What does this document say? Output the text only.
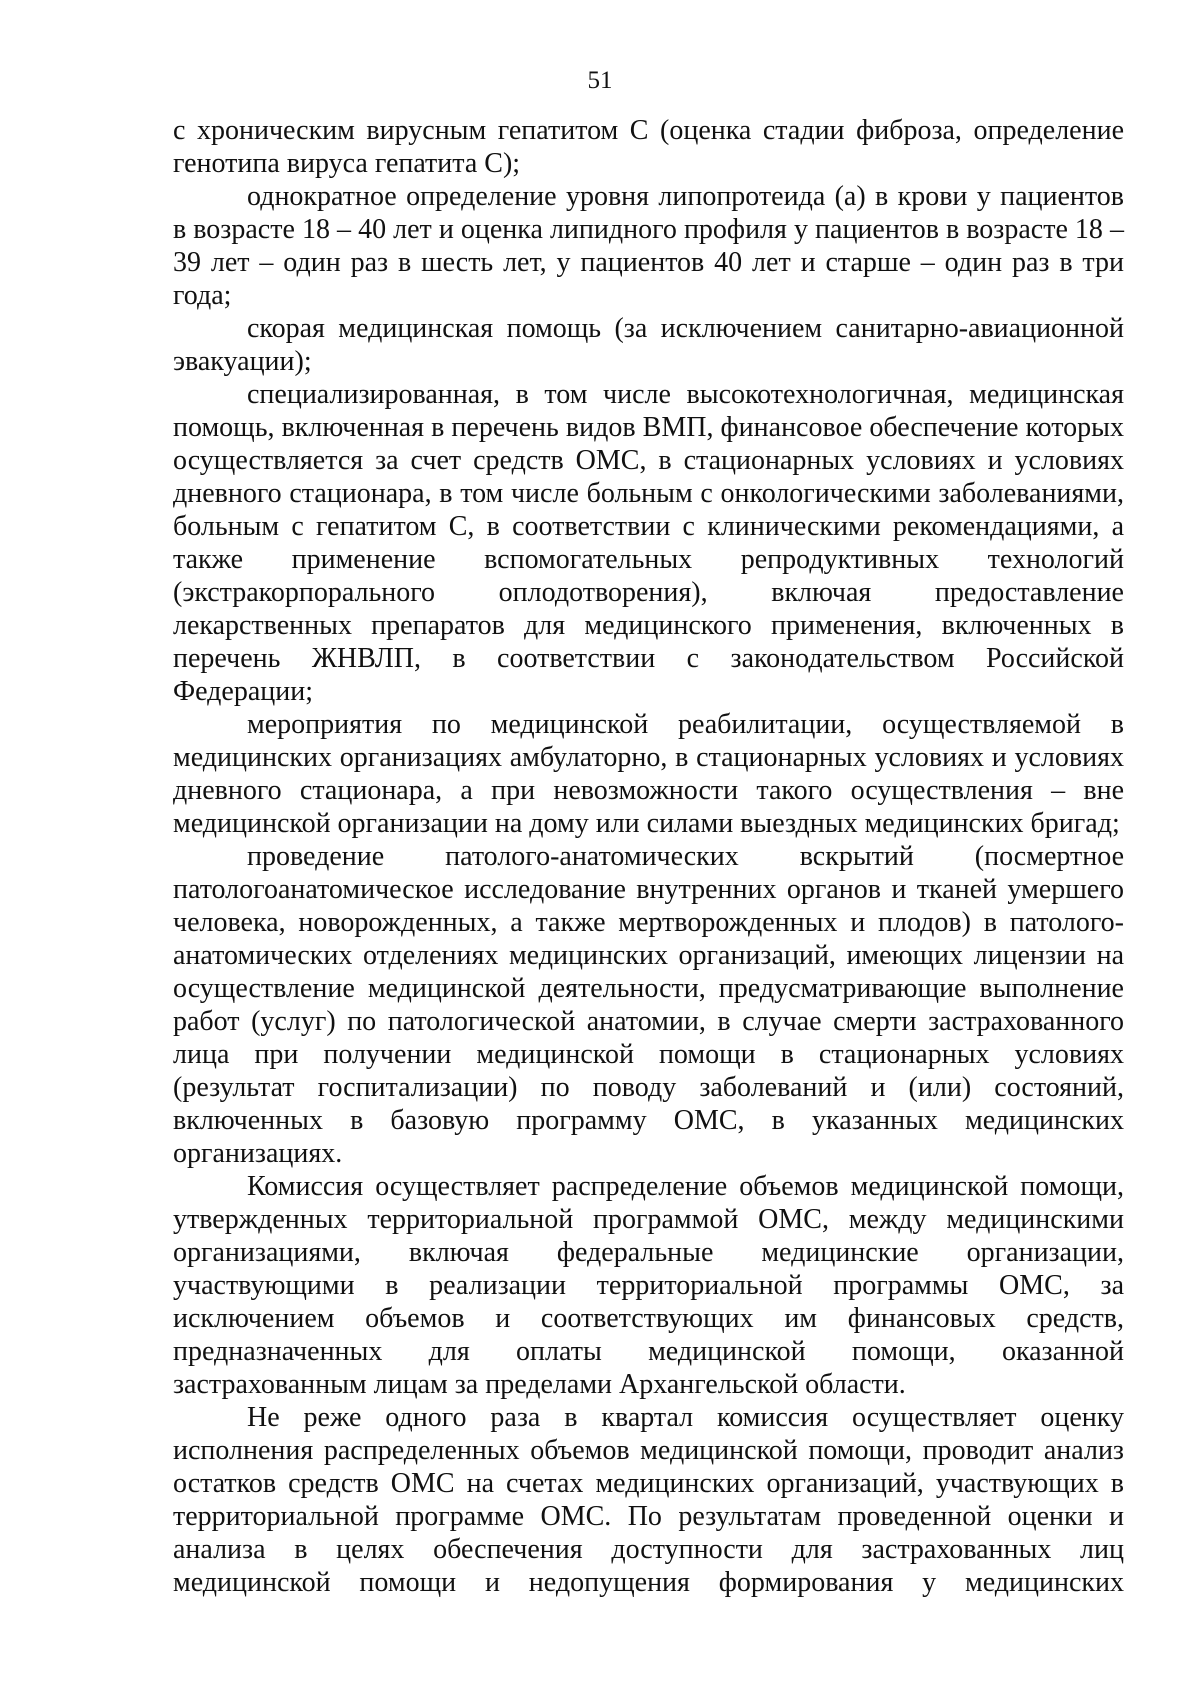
51

с хроническим вирусным гепатитом С (оценка стадии фиброза, определение генотипа вируса гепатита С);

однократное определение уровня липопротеида (а) в крови у пациентов в возрасте 18 – 40 лет и оценка липидного профиля у пациентов в возрасте 18 – 39 лет – один раз в шесть лет, у пациентов 40 лет и старше – один раз в три года;

скорая медицинская помощь (за исключением санитарно-авиационной эвакуации);

специализированная, в том числе высокотехнологичная, медицинская помощь, включенная в перечень видов ВМП, финансовое обеспечение которых осуществляется за счет средств ОМС, в стационарных условиях и условиях дневного стационара, в том числе больным с онкологическими заболеваниями, больным с гепатитом С, в соответствии с клиническими рекомендациями, а также применение вспомогательных репродуктивных технологий (экстракорпорального оплодотворения), включая предоставление лекарственных препаратов для медицинского применения, включенных в перечень ЖНВЛП, в соответствии с законодательством Российской Федерации;

мероприятия по медицинской реабилитации, осуществляемой в медицинских организациях амбулаторно, в стационарных условиях и условиях дневного стационара, а при невозможности такого осуществления – вне медицинской организации на дому или силами выездных медицинских бригад;

проведение патолого-анатомических вскрытий (посмертное патологоанатомическое исследование внутренних органов и тканей умершего человека, новорожденных, а также мертворожденных и плодов) в патолого-анатомических отделениях медицинских организаций, имеющих лицензии на осуществление медицинской деятельности, предусматривающие выполнение работ (услуг) по патологической анатомии, в случае смерти застрахованного лица при получении медицинской помощи в стационарных условиях (результат госпитализации) по поводу заболеваний и (или) состояний, включенных в базовую программу ОМС, в указанных медицинских организациях.

Комиссия осуществляет распределение объемов медицинской помощи, утвержденных территориальной программой ОМС, между медицинскими организациями, включая федеральные медицинские организации, участвующими в реализации территориальной программы ОМС, за исключением объемов и соответствующих им финансовых средств, предназначенных для оплаты медицинской помощи, оказанной застрахованным лицам за пределами Архангельской области.

Не реже одного раза в квартал комиссия осуществляет оценку исполнения распределенных объемов медицинской помощи, проводит анализ остатков средств ОМС на счетах медицинских организаций, участвующих в территориальной программе ОМС. По результатам проведенной оценки и анализа в целях обеспечения доступности для застрахованных лиц медицинской помощи и недопущения формирования у медицинских
